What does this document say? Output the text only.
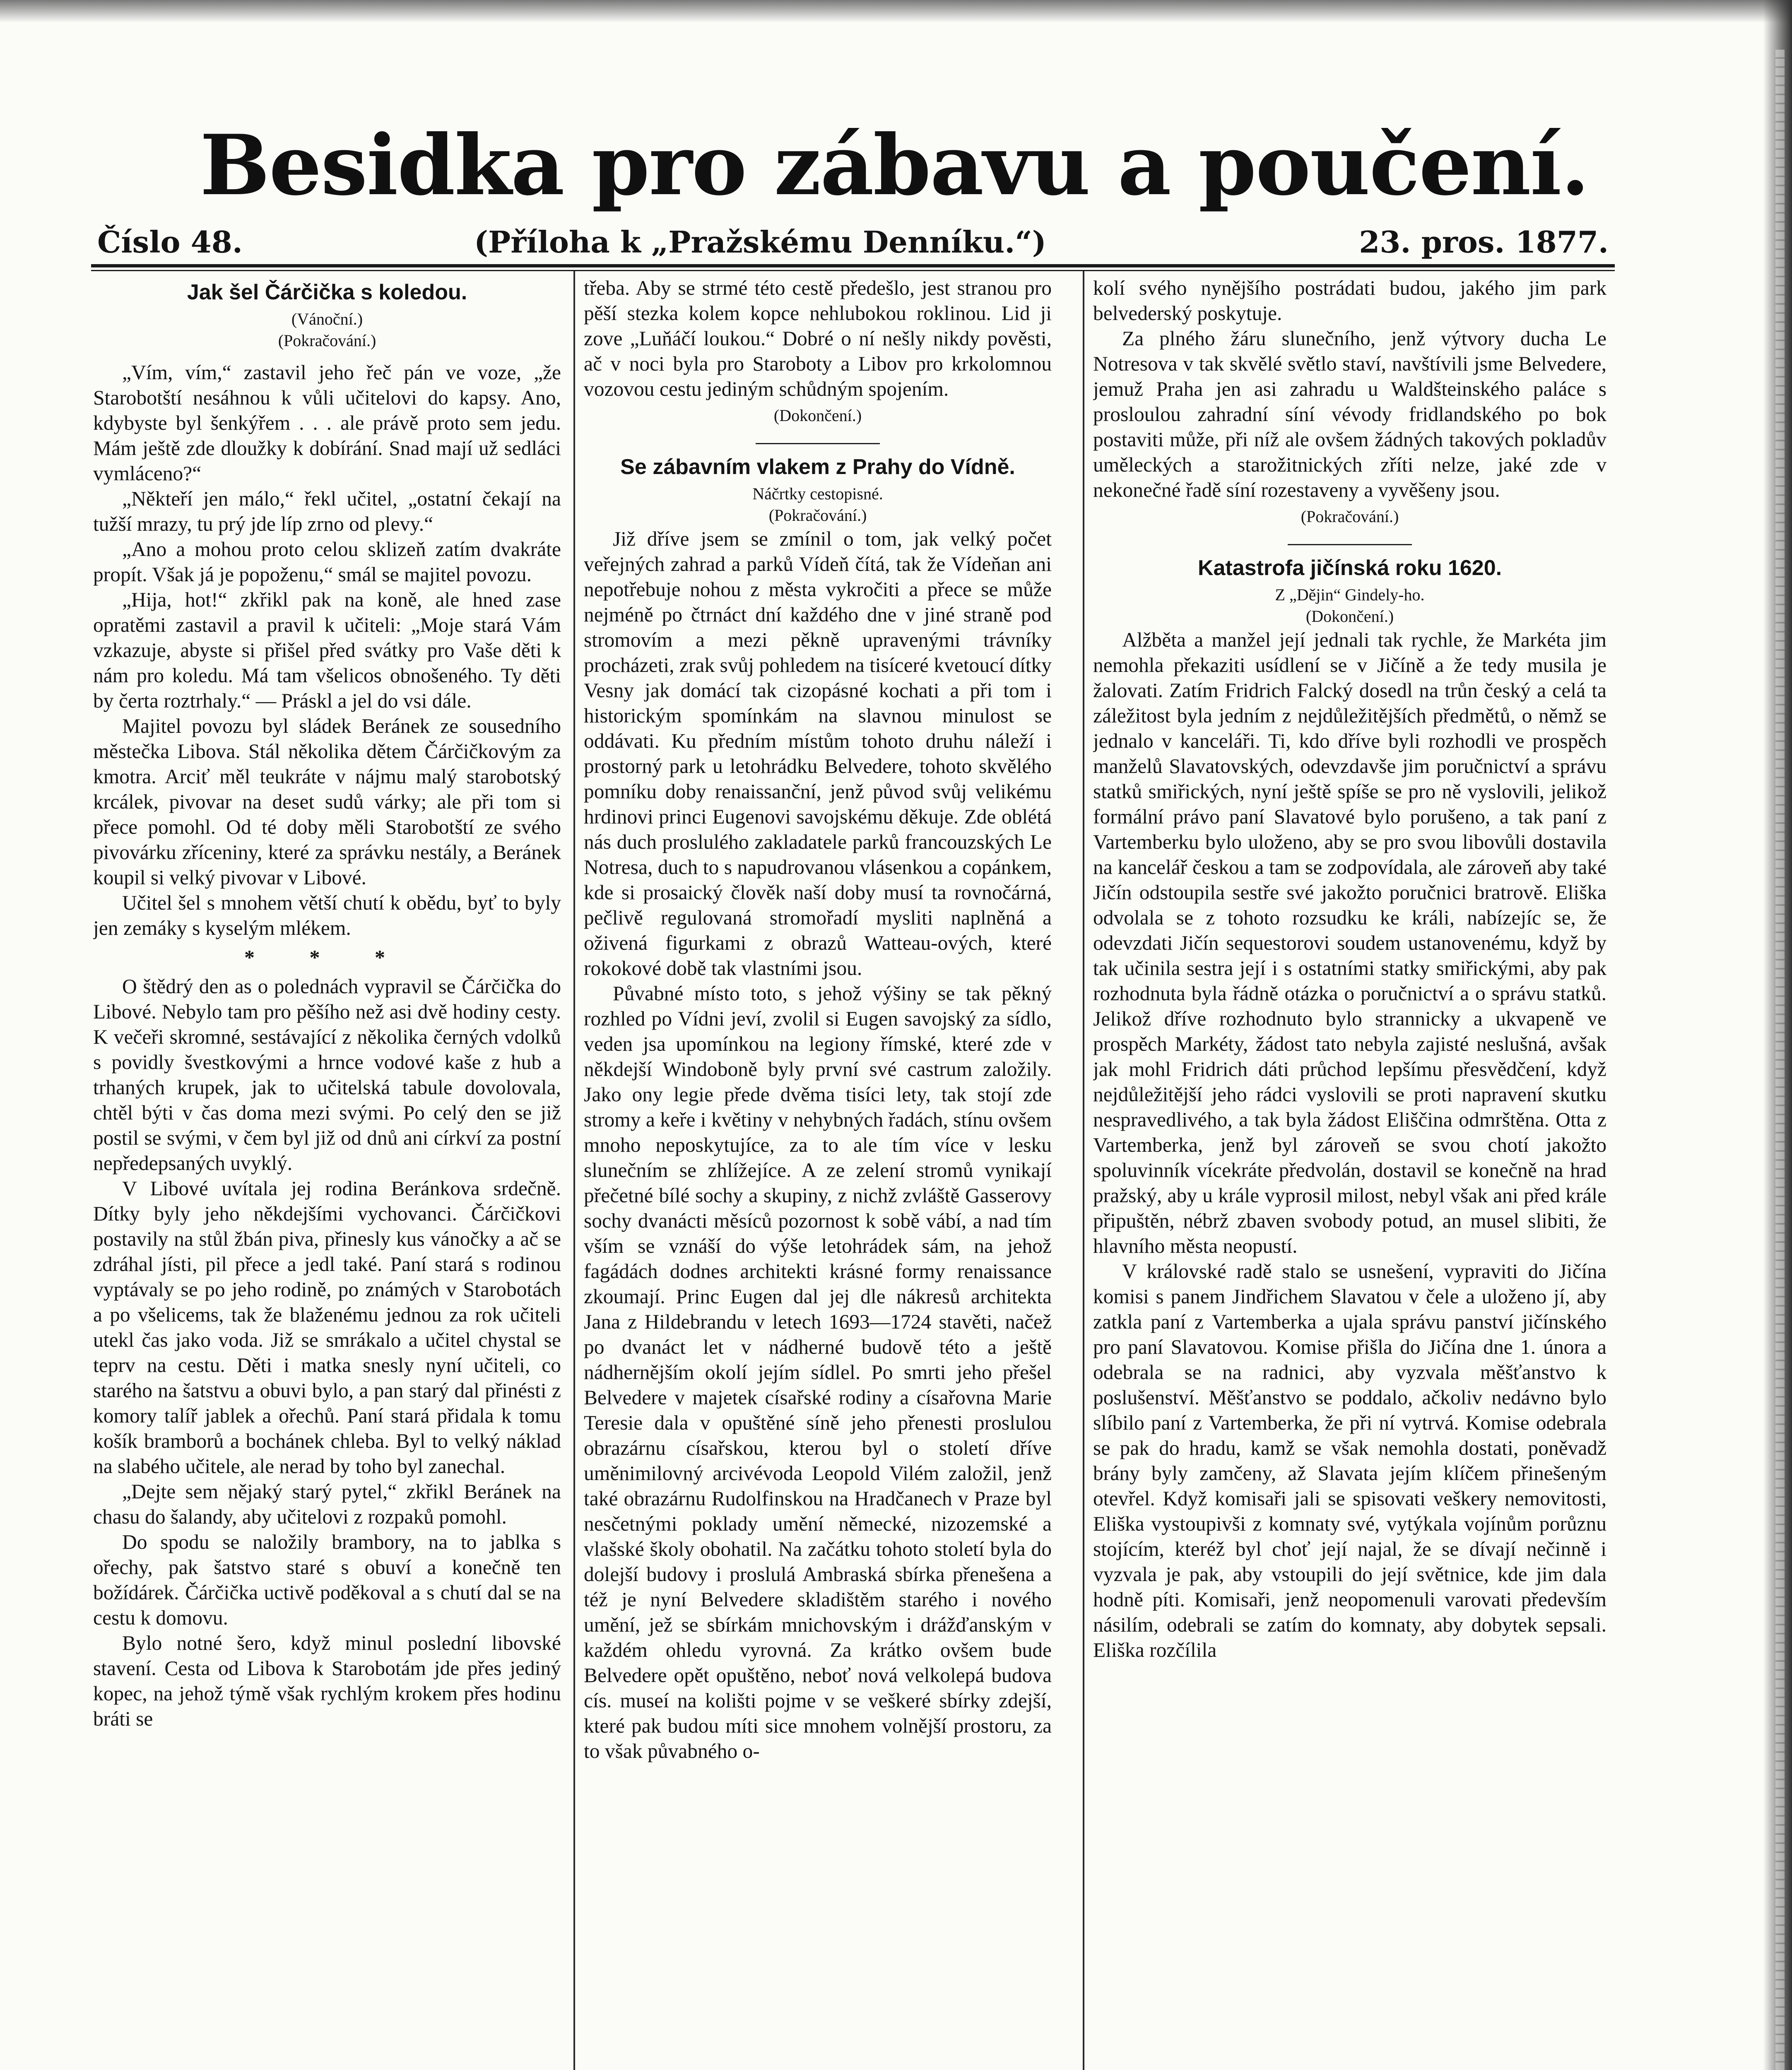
Besidka pro zábavu a poučení.
Číslo 48.	(Příloha k „Pražskému Denníku.“)	23. pros. 1877.
Jak šel Čárčička s koledou.
(Vánoční.)
(Pokračování.)

„Vím, vím,“ zastavil jeho řeč pán ve voze, „že Starobotští nesáhnou k vůli učitelovi do kapsy. Ano, kdybyste byl šenkýřem . . . ale právě proto sem jedu. Mám ještě zde dloužky k dobírání. Snad mají už sedláci vymláceno?“

„Někteří jen málo,“ řekl učitel, „ostatní čekají na tužší mrazy, tu prý jde líp zrno od plevy.“

„Ano a mohou proto celou sklizeň zatím dvakráte propít. Však já je popoženu,“ smál se majitel povozu.

„Hija, hot!“ zkřikl pak na koně, ale hned zase opratěmi zastavil a pravil k učiteli: „Moje stará Vám vzkazuje, abyste si přišel před svátky pro Vaše děti k nám pro koledu. Má tam všelicos obnošeného. Ty děti by čerta roztrhaly.“ — Práskl a jel do vsi dále.

Majitel povozu byl sládek Beránek ze sousedního městečka Libova. Stál několika dětem Čárčičkovým za kmotra. Arciť měl teukráte v nájmu malý starobotský krcálek, pivovar na deset sudů várky; ale při tom si přece pomohl. Od té doby měli Starobotští ze svého pivovárku zříceniny, které za správku nestály, a Beránek koupil si velký pivovar v Libové.

Učitel šel s mnohem větší chutí k obědu, byť to byly jen zemáky s kyselým mlékem.

* * *

O štědrý den as o polednách vypravil se Čárčička do Libové. Nebylo tam pro pěšího než asi dvě hodiny cesty. K večeři skromné, sestávající z několika černých vdolků s povidly švestkovými a hrnce vodové kaše z hub a trhaných krupek, jak to učitelská tabule dovolovala, chtěl býti v čas doma mezi svými. Po celý den se již postil se svými, v čem byl již od dnů ani církví za postní nepředepsaných uvyklý.

V Libové uvítala jej rodina Beránkova srdečně. Dítky byly jeho někdejšími vychovanci. Čárčičkovi postavily na stůl žbán piva, přinesly kus vánočky a ač se zdráhal jísti, pil přece a jedl také. Paní stará s rodinou vyptávaly se po jeho rodině, po známých v Starobotách a po všelicems, tak že blaženému jednou za rok učiteli utekl čas jako voda. Již se smrákalo a učitel chystal se teprv na cestu. Děti i matka snesly nyní učiteli, co starého na šatstvu a obuvi bylo, a pan starý dal přinésti z komory talíř jablek a ořechů. Paní stará přidala k tomu košík bramborů a bochánek chleba. Byl to velký náklad na slabého učitele, ale nerad by toho byl zanechal.

„Dejte sem nějaký starý pytel,“ zkřikl Beránek na chasu do šalandy, aby učitelovi z rozpaků pomohl.

Do spodu se naložily brambory, na to jablka s ořechy, pak šatstvo staré s obuví a konečně ten božídárek. Čárčička uctivě poděkoval a s chutí dal se na cestu k domovu.

Bylo notné šero, když minul poslední libovské stavení. Cesta od Libova k Starobotám jde přes jediný kopec, na jehož týmě však rychlým krokem přes hodinu bráti se

třeba. Aby se strmé této cestě předešlo, jest stranou pro pěší stezka kolem kopce nehlubokou roklinou. Lid ji zove „Luňáčí loukou.“ Dobré o ní nešly nikdy pověsti, ač v noci byla pro Staroboty a Libov pro krkolomnou vozovou cestu jediným schůdným spojením.

(Dokončení.)
Se zábavním vlakem z Prahy do Vídně.
Náčrtky cestopisné.
(Pokračování.)

Již dříve jsem se zmínil o tom, jak velký počet veřejných zahrad a parků Vídeň čítá, tak že Vídeňan ani nepotřebuje nohou z města vykročiti a přece se může nejméně po čtrnáct dní každého dne v jiné straně pod stromovím a mezi pěkně upravenými trávníky procházeti, zrak svůj pohledem na tisíceré kvetoucí dítky Vesny jak domácí tak cizopásné kochati a při tom i historickým spomínkám na slavnou minulost se oddávati. Ku předním místům tohoto druhu náleží i prostorný park u letohrádku Belvedere, tohoto skvělého pomníku doby renaissanční, jenž původ svůj velikému hrdinovi princi Eugenovi savojskému děkuje. Zde oblétá nás duch proslulého zakladatele parků francouzských Le Notresa, duch to s napudrovanou vlásenkou a copánkem, kde si prosaický člověk naší doby musí ta rovnočárná, pečlivě regulovaná stromořadí mysliti naplněná a oživená figurkami z obrazů Watteau-ových, které rokokové době tak vlastními jsou.

Půvabné místo toto, s jehož výšiny se tak pěkný rozhled po Vídni jeví, zvolil si Eugen savojský za sídlo, veden jsa upomínkou na legiony římské, které zde v někdejší Windoboně byly první své castrum založily. Jako ony legie přede dvěma tisíci lety, tak stojí zde stromy a keře i květiny v nehybných řadách, stínu ovšem mnoho neposkytujíce, za to ale tím více v lesku slunečním se zhlížejíce. A ze zelení stromů vynikají přečetné bílé sochy a skupiny, z nichž zvláště Gasserovy sochy dvanácti měsíců pozornost k sobě vábí, a nad tím vším se vznáší do výše letohrádek sám, na jehož fagádách dodnes architekti krásné formy renaissance zkoumají. Princ Eugen dal jej dle nákresů architekta Jana z Hildebrandu v letech 1693—1724 stavěti, načež po dvanáct let v nádherné budově této a ještě nádhernějším okolí jejím sídlel. Po smrti jeho přešel Belvedere v majetek císařské rodiny a císařovna Marie Teresie dala v opuštěné síně jeho přenesti proslulou obrazárnu císařskou, kterou byl o století dříve uměnimilovný arcivévoda Leopold Vilém založil, jenž také obrazárnu Rudolfinskou na Hradčanech v Praze byl nesčetnými poklady umění německé, nizozemské a vlašské školy obohatil. Na začátku tohoto století byla do dolejší budovy i proslulá Ambraská sbírka přenešena a též je nyní Belvedere skladištěm starého i nového umění, jež se sbírkám mnichovským i drážďanským v každém ohledu vyrovná. Za krátko ovšem bude Belvedere opět opuštěno, neboť nová velkolepá budova cís. museí na kolišti pojme v se veškeré sbírky zdejší, které pak budou míti sice mnohem volnější prostoru, za to však půvabného o-

kolí svého nynějšího postrádati budou, jakého jim park belvederský poskytuje.

Za plného žáru slunečního, jenž výtvory ducha Le Notresova v tak skvělé světlo staví, navštívili jsme Belvedere, jemuž Praha jen asi zahradu u Waldšteinského paláce s prosloulou zahradní síní vévody fridlandského po bok postaviti může, při níž ale ovšem žádných takových pokladův uměleckých a starožitnických zříti nelze, jaké zde v nekonečné řadě síní rozestaveny a vyvěšeny jsou.

(Pokračování.)
Katastrofa jičínská roku 1620.
Z „Dějin“ Gindely-ho.
(Dokončení.)

Alžběta a manžel její jednali tak rychle, že Markéta jim nemohla překaziti usídlení se v Jičíně a že tedy musila je žalovati. Zatím Fridrich Falcký dosedl na trůn český a celá ta záležitost byla jedním z nejdůležitějších předmětů, o němž se jednalo v kanceláři. Ti, kdo dříve byli rozhodli ve prospěch manželů Slavatovských, odevzdavše jim poručnictví a správu statků smiřických, nyní ještě spíše se pro ně vyslovili, jelikož formální právo paní Slavatové bylo porušeno, a tak paní z Vartemberku bylo uloženo, aby se pro svou libovůli dostavila na kancelář českou a tam se zodpovídala, ale zároveň aby také Jičín odstoupila sestře své jakožto poručnici bratrově. Eliška odvolala se z tohoto rozsudku ke králi, nabízejíc se, že odevzdati Jičín sequestorovi soudem ustanovenému, když by tak učinila sestra její i s ostatními statky smiřickými, aby pak rozhodnuta byla řádně otázka o poručnictví a o správu statků. Jelikož dříve rozhodnuto bylo strannicky a ukvapeně ve prospěch Markéty, žádost tato nebyla zajisté neslušná, avšak jak mohl Fridrich dáti průchod lepšímu přesvědčení, když nejdůležitější jeho rádci vyslovili se proti napravení skutku nespravedlivého, a tak byla žádost Eliščina odmrštěna. Otta z Vartemberka, jenž byl zároveň se svou chotí jakožto spoluvinník vícekráte předvolán, dostavil se konečně na hrad pražský, aby u krále vyprosil milost, nebyl však ani před krále připuštěn, nébrž zbaven svobody potud, an musel slibiti, že hlavního města neopustí.

V královské radě stalo se usnešení, vypraviti do Jičína komisi s panem Jindřichem Slavatou v čele a uloženo jí, aby zatkla paní z Vartemberka a ujala správu panství jičínského pro paní Slavatovou. Komise přišla do Jičína dne 1. února a odebrala se na radnici, aby vyzvala měšťanstvo k poslušenství. Měšťanstvo se poddalo, ačkoliv nedávno bylo slíbilo paní z Vartemberka, že při ní vytrvá. Komise odebrala se pak do hradu, kamž se však nemohla dostati, poněvadž brány byly zamčeny, až Slavata jejím klíčem přinešeným otevřel. Když komisaři jali se spisovati veškery nemovitosti, Eliška vystoupivši z komnaty své, vytýkala vojínům porůznu stojícím, kteréž byl choť její najal, že se dívají nečinně i vyzvala je pak, aby vstoupili do její světnice, kde jim dala hodně píti. Komisaři, jenž neopomenuli varovati především násilím, odebrali se zatím do komnaty, aby dobytek sepsali. Eliška rozčílila
